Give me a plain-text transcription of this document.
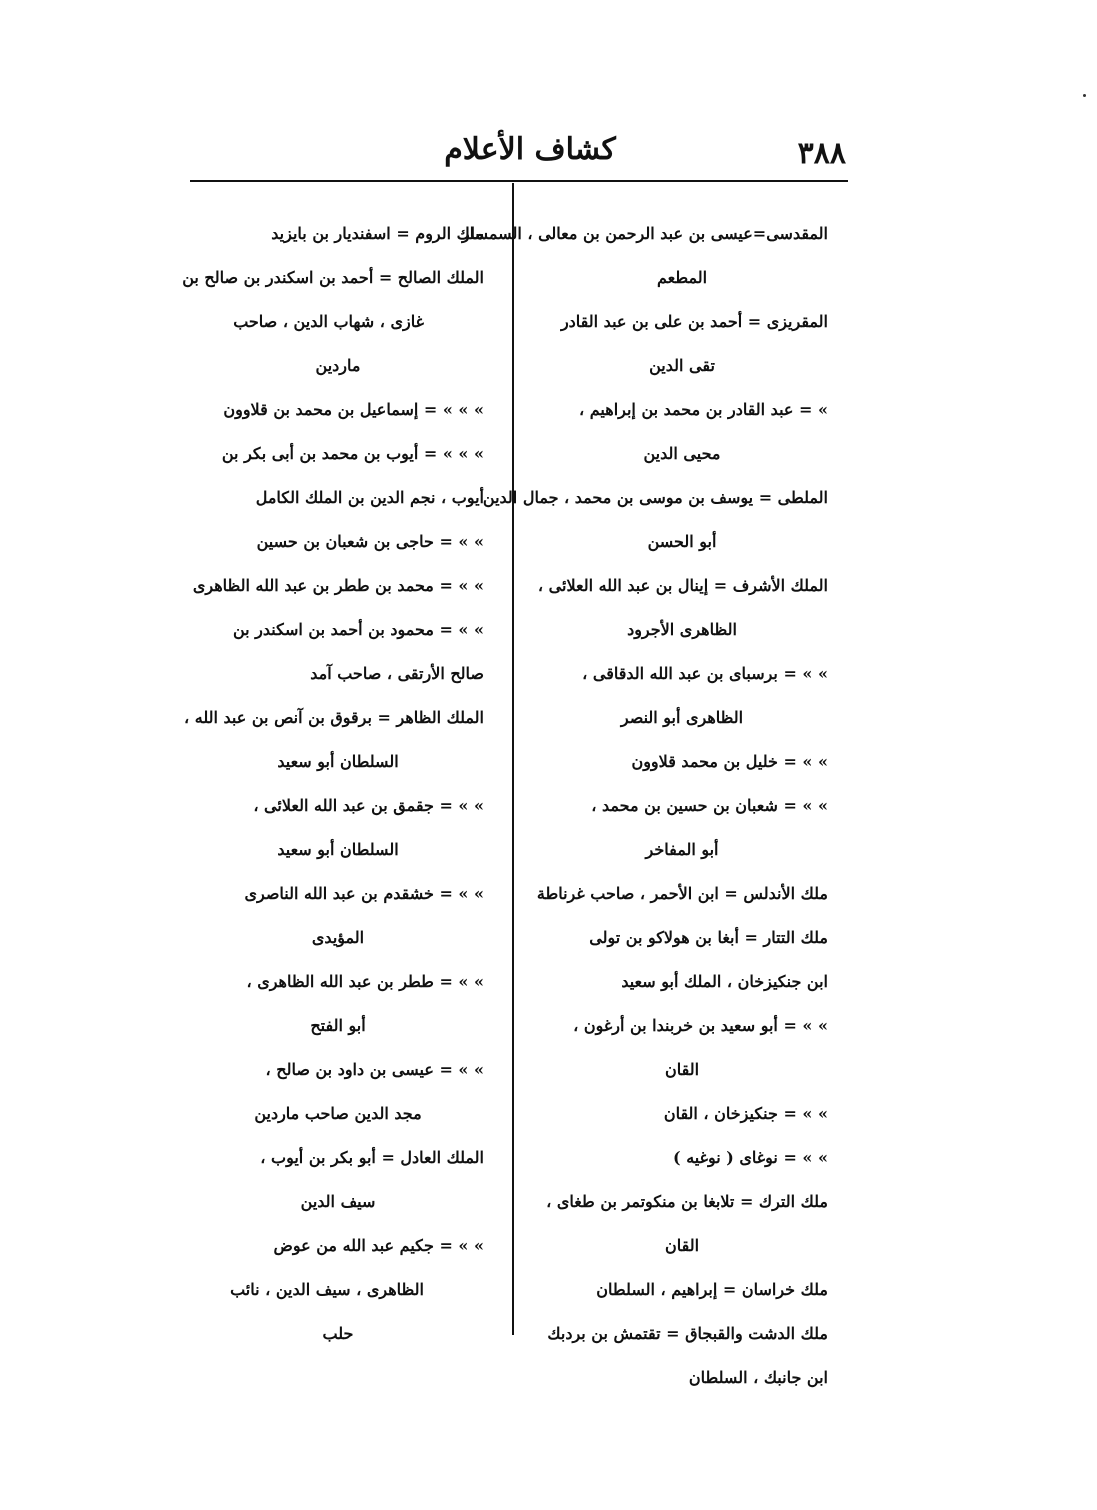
كشاف الأعلام	٣٨٨
المقدسى=عيسى بن عبد الرحمن بن معالى ، السمسار
المطعم
المقريزى = أحمد بن على بن عبد القادر
تقى الدين
» = عبد القادر بن محمد بن إبراهيم ،
محيى الدين
الملطى = يوسف بن موسى بن محمد ، جمال الدين
أبو الحسن
الملك الأشرف = إينال بن عبد الله العلائى ،
الظاهرى الأجرود
» » = برسباى بن عبد الله الدقاقى ،
الظاهرى أبو النصر
» » = خليل بن محمد قلاوون
» » = شعبان بن حسين بن محمد ،
أبو المفاخر
ملك الأندلس = ابن الأحمر ، صاحب غرناطة
ملك التتار = أبغا بن هولاكو بن تولى
ابن جنكيزخان ، الملك أبو سعيد
» » = أبو سعيد بن خربندا بن أرغون ،
القان
» » = جنكيزخان ، القان
» » = نوغاى ( نوغيه )
ملك الترك = تلابغا بن منكوتمر بن طغاى ،
القان
ملك خراسان = إبراهيم ، السلطان
ملك الدشت والقبجاق = تقتمش بن بردبك
ابن جانبك ، السلطان
ملك الروم = اسفنديار بن بايزيد
الملك الصالح = أحمد بن اسكندر بن صالح بن
غازى ، شهاب الدين ، صاحب
ماردين
» » » = إسماعيل بن محمد بن قلاوون
» » » = أيوب بن محمد بن أبى بكر بن
أيوب ، نجم الدين بن الملك الكامل
» » = حاجى بن شعبان بن حسين
» » = محمد بن ططر بن عبد الله الظاهرى
» » = محمود بن أحمد بن اسكندر بن
صالح الأرتقى ، صاحب آمد
الملك الظاهر = برقوق بن آنص بن عبد الله ،
السلطان أبو سعيد
» » = جقمق بن عبد الله العلائى ،
السلطان أبو سعيد
» » = خشقدم بن عبد الله الناصرى
المؤيدى
» » = ططر بن عبد الله الظاهرى ،
أبو الفتح
» » = عيسى بن داود بن صالح ،
مجد الدين صاحب ماردين
الملك العادل = أبو بكر بن أيوب ،
سيف الدين
» » = جكيم عبد الله من عوض
الظاهرى ، سيف الدين ، نائب
حلب
